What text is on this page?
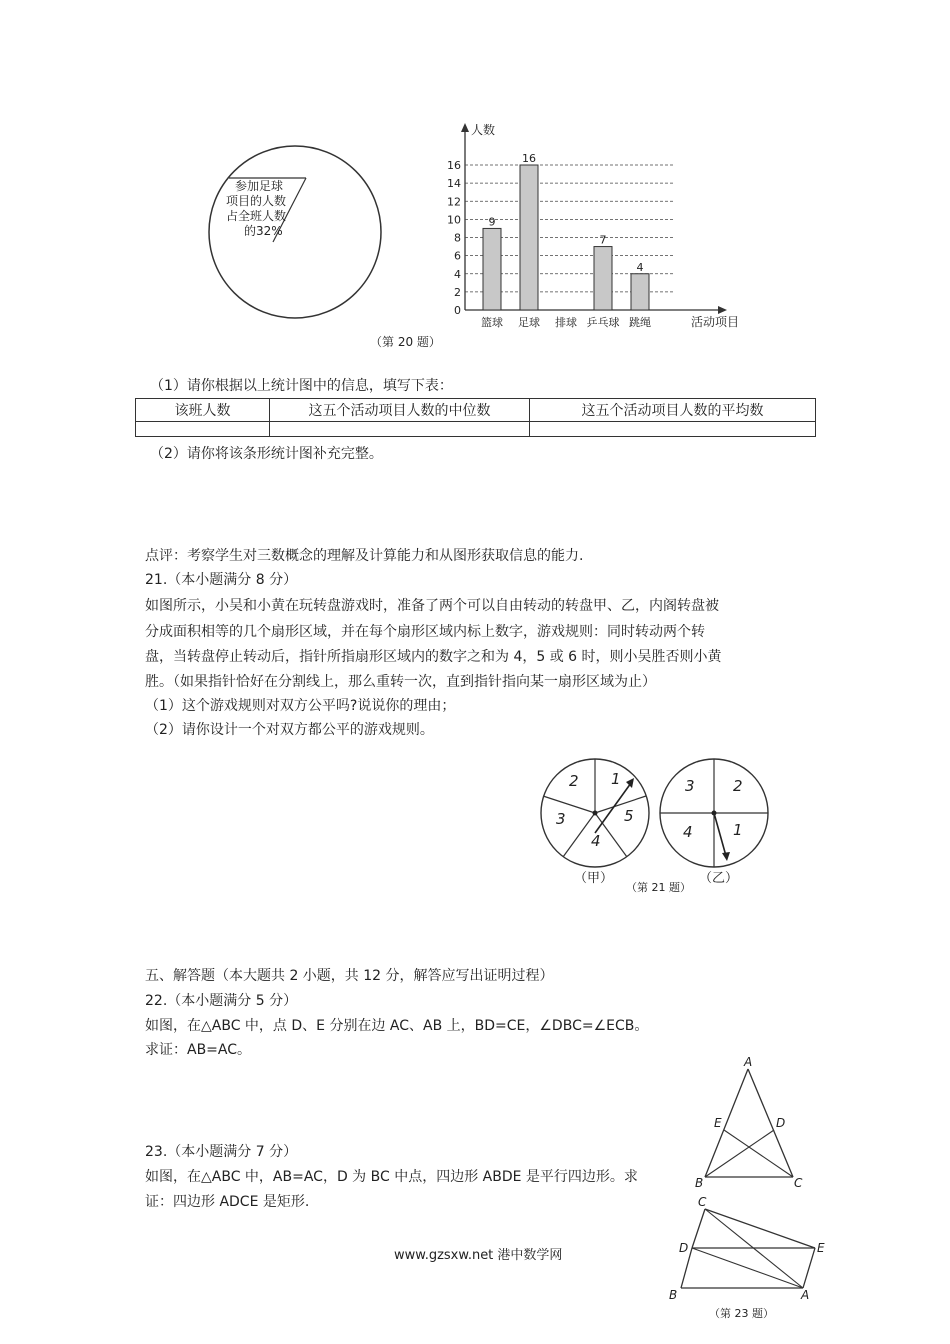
参加足球
项目的人数
占全班人数
的32%
人数
活动项目
0
2
4
6
8
10
12
14
16
9
16
7
4
篮球 足球 排球 乒乓球 跳绳
（第 20 题）
（1）请你根据以上统计图中的信息，填写下表：
该班人数	这五个活动项目人数的中位数	这五个活动项目人数的平均数

（2）请你将该条形统计图补充完整。
点评：考察学生对三数概念的理解及计算能力和从图形获取信息的能力.
21.（本小题满分 8 分）
如图所示，小吴和小黄在玩转盘游戏时，准备了两个可以自由转动的转盘甲、乙，内阁转盘被
分成面积相等的几个扇形区域，并在每个扇形区域内标上数字，游戏规则：同时转动两个转
盘，当转盘停止转动后，指针所指扇形区域内的数字之和为 4，5 或 6 时，则小吴胜否则小黄
胜。（如果指针恰好在分割线上，那么重转一次，直到指针指向某一扇形区域为止）
（1）这个游戏规则对双方公平吗?说说你的理由；
（2）请你设计一个对双方都公平的游戏规则。
1
2
3
4
5
（甲）
1
2
3
4
（乙）
（第 21 题）
五、解答题（本大题共 2 小题，共 12 分，解答应写出证明过程）
22.（本小题满分 5 分）
如图，在△ABC 中，点 D、E 分别在边 AC、AB 上，BD=CE，∠DBC=∠ECB。
求证：AB=AC。
A
B	C
D
E
23.（本小题满分 7 分）
如图，在△ABC 中，AB=AC，D 为 BC 中点，四边形 ABDE 是平行四边形。求
证：四边形 ADCE 是矩形.	C
D	E
B	A
（第 23 题）
www.gzsxw.net 港中数学网
